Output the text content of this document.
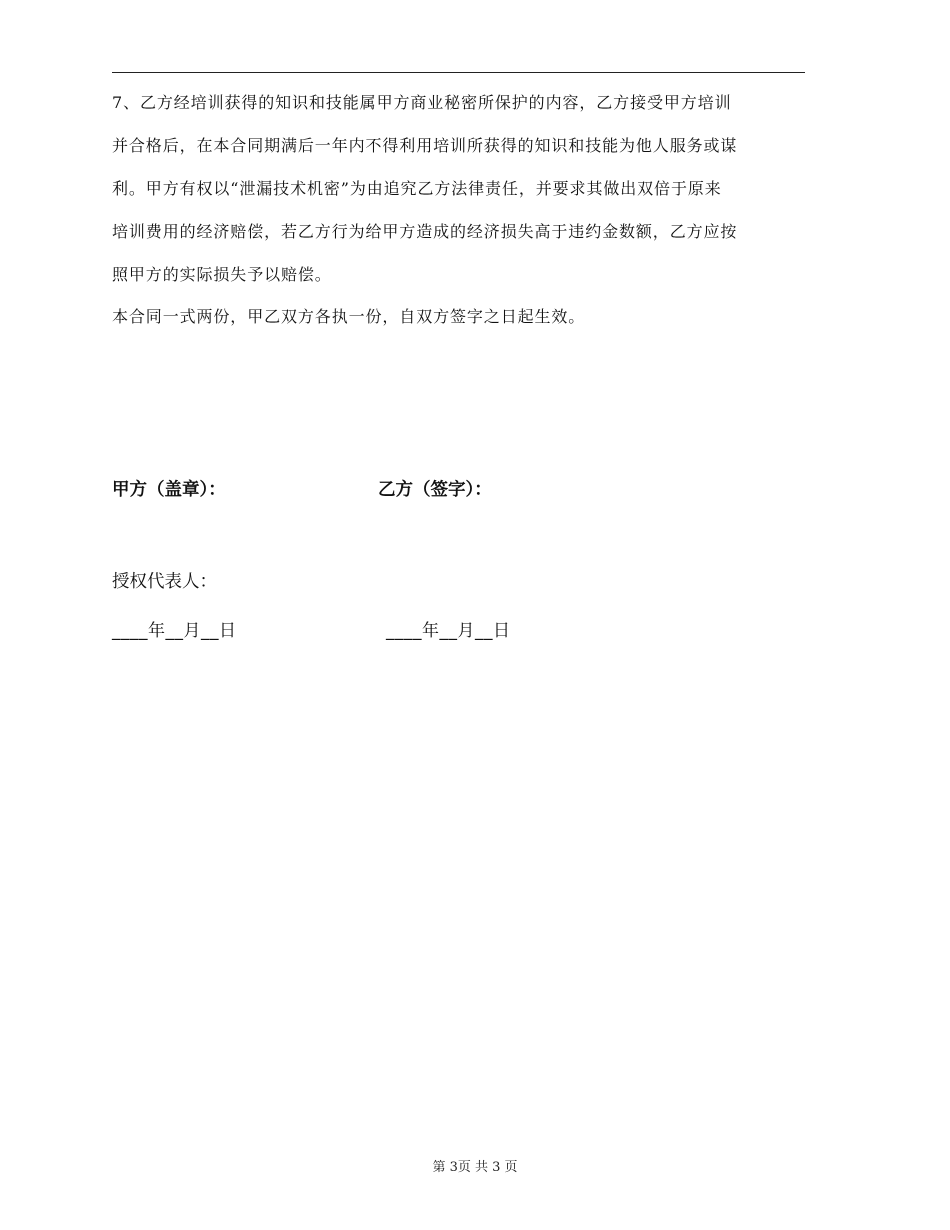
7、乙方经培训获得的知识和技能属甲方商业秘密所保护的内容，乙方接受甲方培训
并合格后，在本合同期满后一年内不得利用培训所获得的知识和技能为他人服务或谋
利。甲方有权以“泄漏技术机密”为由追究乙方法律责任，并要求其做出双倍于原来
培训费用的经济赔偿，若乙方行为给甲方造成的经济损失高于违约金数额，乙方应按
照甲方的实际损失予以赔偿。
本合同一式两份，甲乙双方各执一份，自双方签字之日起生效。
甲方（盖章）：	乙方（签字）：
授权代表人：
____年__月__日	____年__月__日
第 3页 共 3 页
